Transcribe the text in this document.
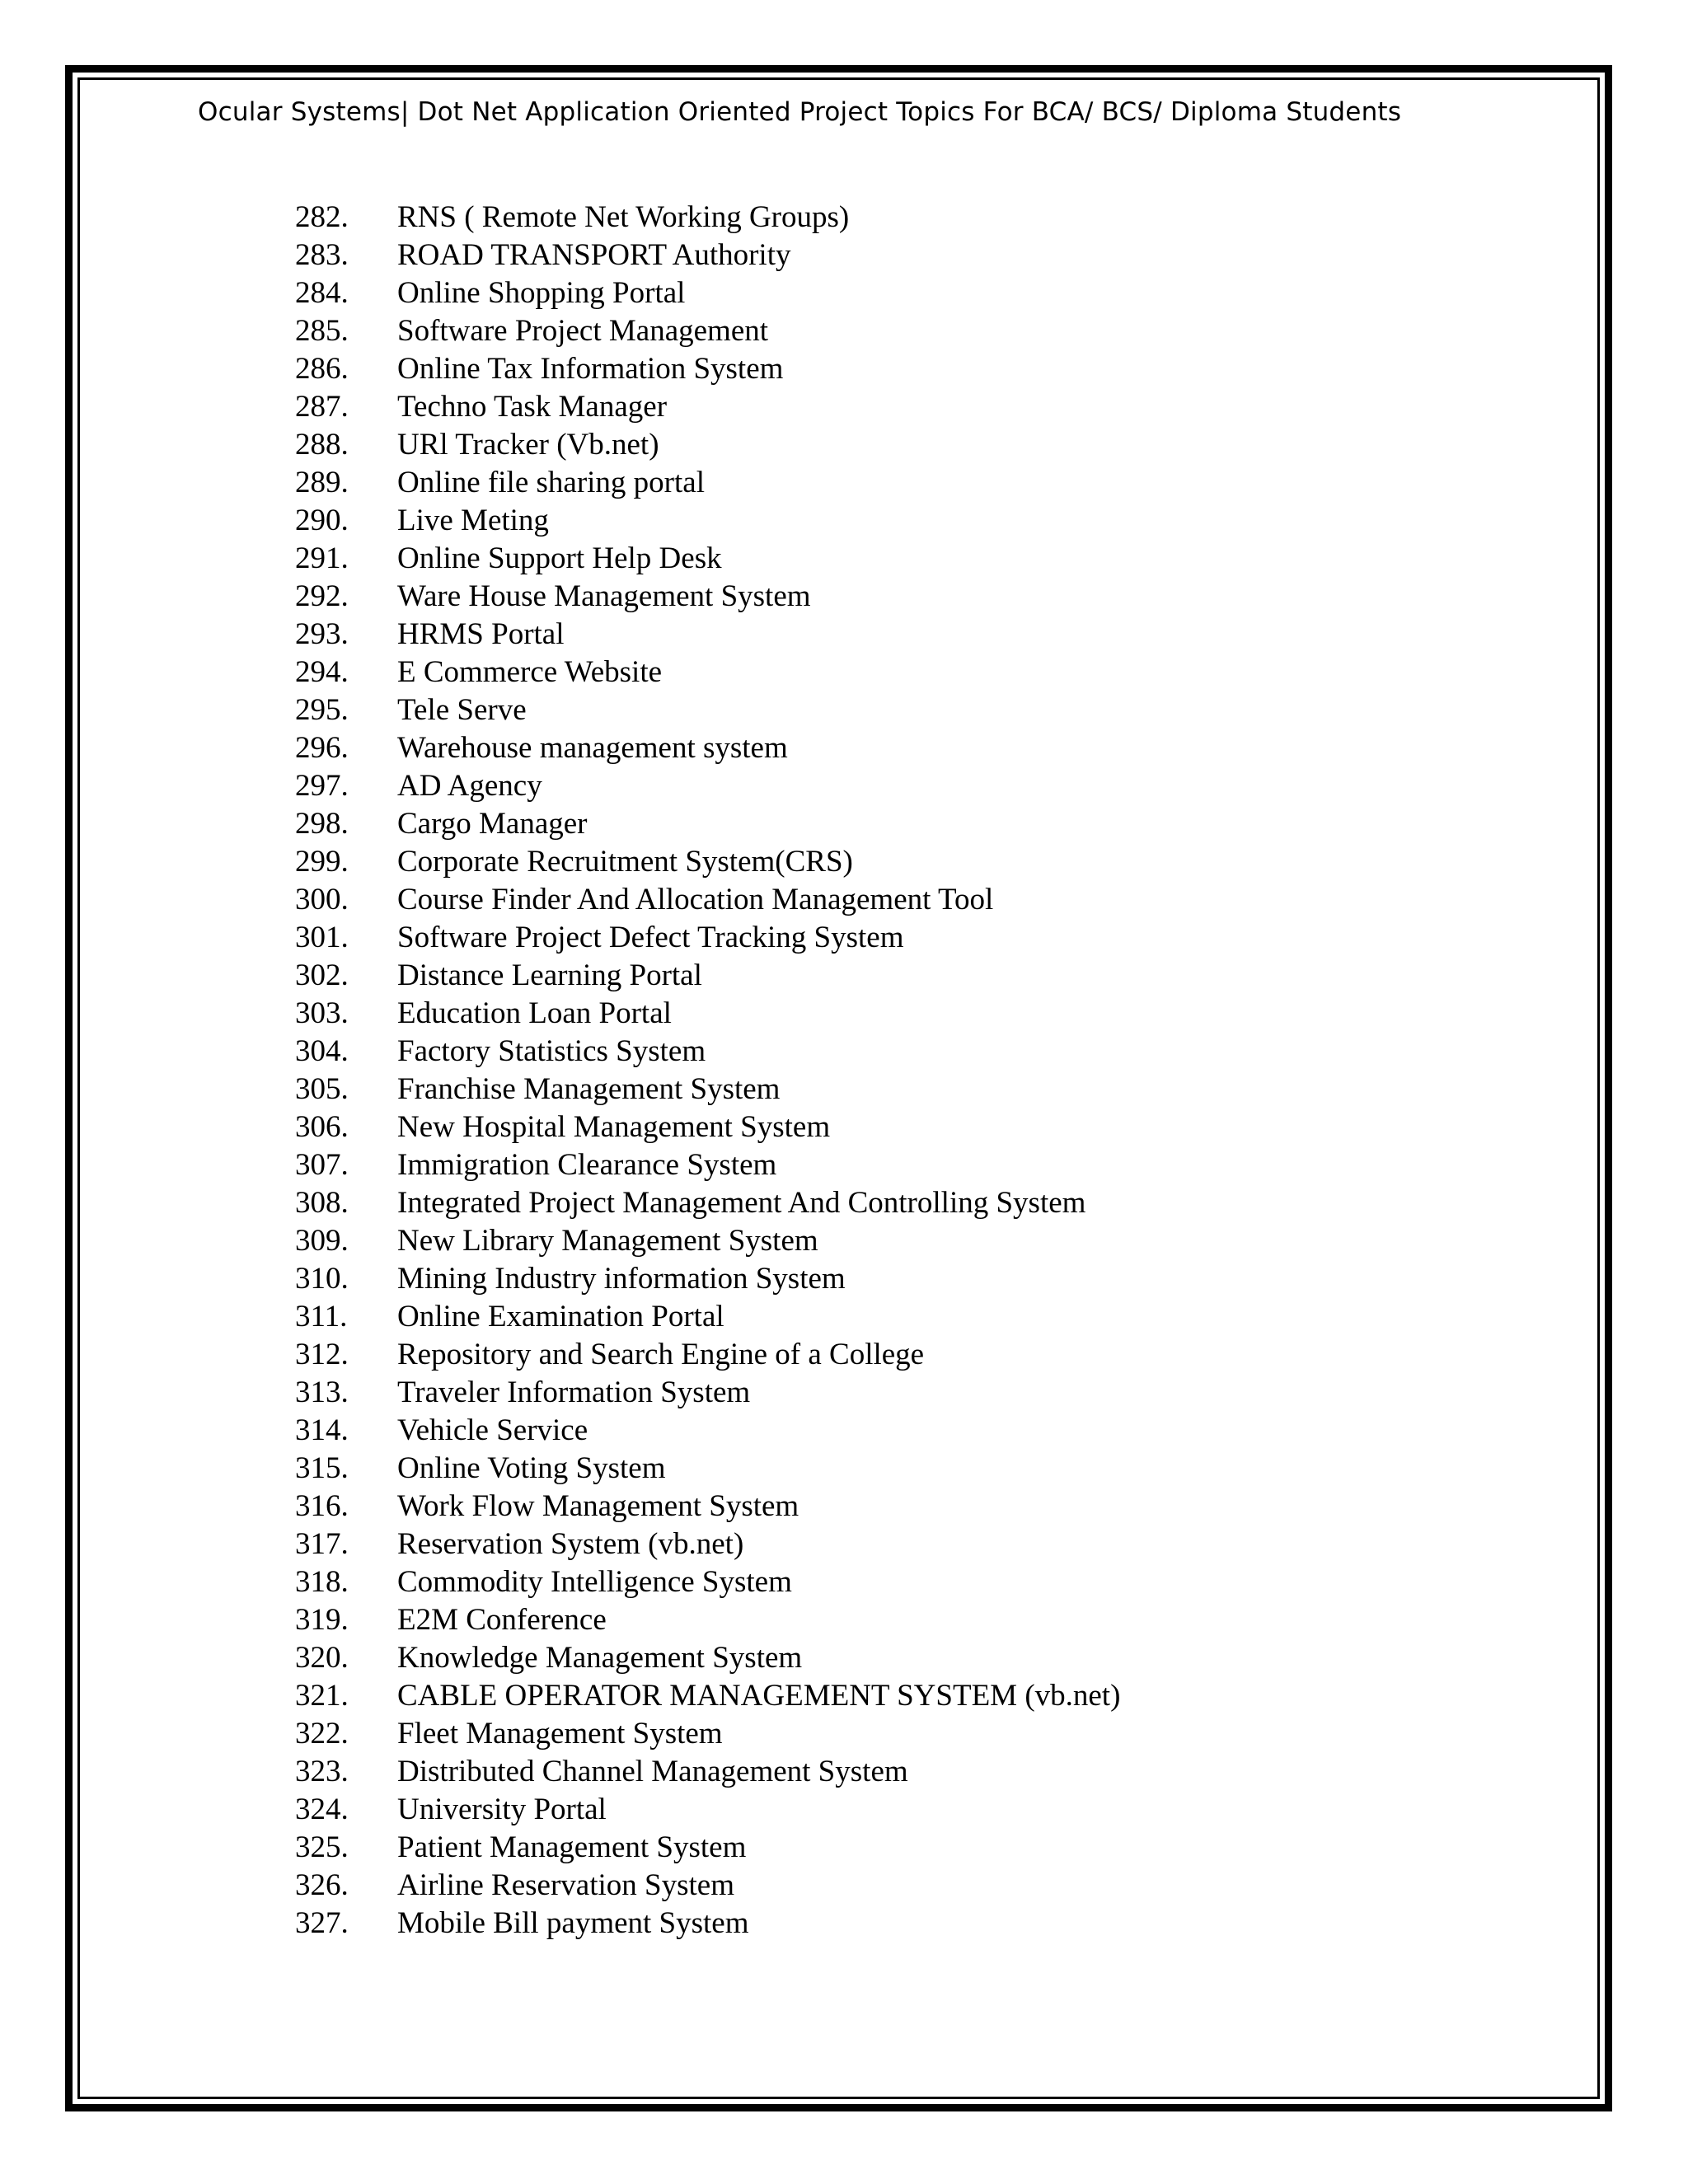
Ocular Systems| Dot Net Application Oriented Project Topics For BCA/ BCS/ Diploma Students
282. RNS ( Remote Net Working Groups)
283. ROAD TRANSPORT Authority
284. Online Shopping Portal
285. Software Project Management
286. Online Tax Information System
287. Techno Task Manager
288. URl Tracker (Vb.net)
289. Online file sharing portal
290. Live Meting
291. Online Support Help Desk
292. Ware House Management System
293. HRMS Portal
294. E Commerce Website
295. Tele Serve
296. Warehouse management system
297. AD Agency
298. Cargo Manager
299. Corporate Recruitment System(CRS)
300. Course Finder And Allocation Management Tool
301. Software Project Defect Tracking System
302. Distance Learning Portal
303. Education Loan Portal
304. Factory Statistics System
305. Franchise Management System
306. New Hospital Management System
307. Immigration Clearance System
308. Integrated Project Management And Controlling System
309. New Library Management System
310. Mining Industry information System
311. Online Examination Portal
312. Repository and Search Engine of a College
313. Traveler Information System
314. Vehicle Service
315. Online Voting System
316. Work Flow Management System
317. Reservation System (vb.net)
318. Commodity Intelligence System
319. E2M Conference
320. Knowledge Management System
321. CABLE OPERATOR MANAGEMENT SYSTEM (vb.net)
322. Fleet Management System
323. Distributed Channel Management System
324. University Portal
325. Patient Management System
326. Airline Reservation System
327. Mobile Bill payment System
